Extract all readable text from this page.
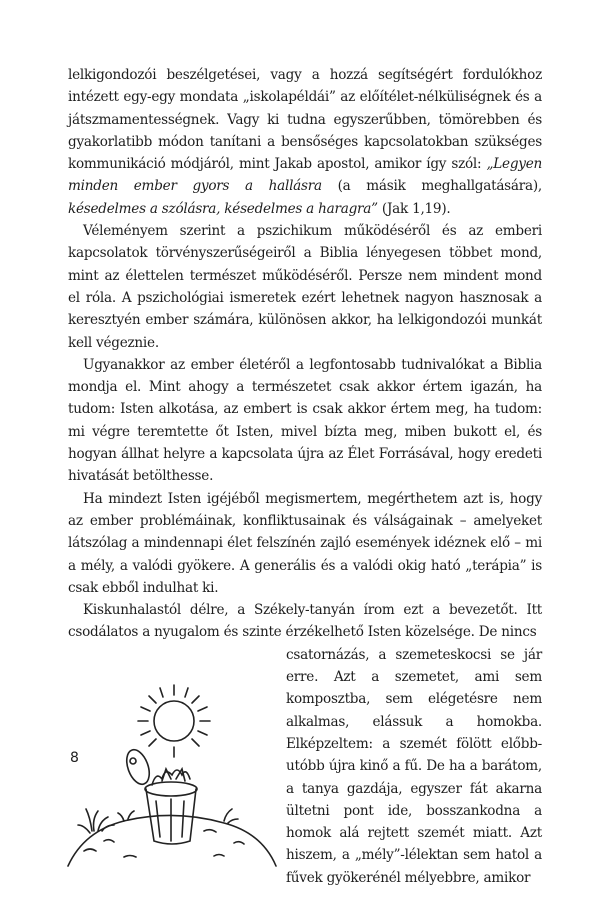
lelkigondozói beszélgetései, vagy a hozzá segítségért fordulókhoz intézett egy-egy mondata „iskolapéldái” az előítélet-nélküliségnek és a játszmamentességnek. Vagy ki tudna egyszerűbben, tömörebben és gyakorlatibb módon tanítani a bensőséges kapcsolatokban szükséges kommunikáció módjáról, mint Jakab apostol, amikor így szól: „Legyen minden ember gyors a hallásra (a másik meghallgatására), késedelmes a szólásra, késedelmes a haragra” (Jak 1,19).

Véleményem szerint a pszichikum működéséről és az emberi kapcsolatok törvényszerűségeiről a Biblia lényegesen többet mond, mint az élettelen természet működéséről. Persze nem mindent mond el róla. A pszichológiai ismeretek ezért lehetnek nagyon hasznosak a keresztyén ember számára, különösen akkor, ha lelkigondozói munkát kell végeznie.

Ugyanakkor az ember életéről a legfontosabb tudnivalókat a Biblia mondja el. Mint ahogy a természetet csak akkor értem igazán, ha tudom: Isten alkotása, az embert is csak akkor értem meg, ha tudom: mi végre teremtette őt Isten, mivel bízta meg, miben bukott el, és hogyan állhat helyre a kapcsolata újra az Élet Forrásával, hogy eredeti hivatását betölthesse.

Ha mindezt Isten igéjéből megismertem, megérthetem azt is, hogy az ember problémáinak, konfliktusainak és válságainak – amelyeket látszólag a mindennapi élet felszínén zajló események idéznek elő – mi a mély, a valódi gyökere. A generális és a valódi okig ható „terápia” is csak ebből indulhat ki.

Kiskunhalastól délre, a Székely-tanyán írom ezt a bevezetőt. Itt csodálatos a nyugalom és szinte érzékelhető Isten közelsége. De nincs

csatornázás, a szemeteskocsi se jár erre. Azt a szemetet, ami sem komposztba, sem elégetésre nem alkalmas, elássuk a homokba. Elképzeltem: a szemét fölött előbb-utóbb újra kinő a fű. De ha a barátom, a tanya gazdája, egyszer fát akarna ültetni pont ide, bosszankodna a homok alá rejtett szemét miatt. Azt hiszem, a „mély”-lélektan sem hatol a fűvek gyökerénél mélyebbre, amikor

8
